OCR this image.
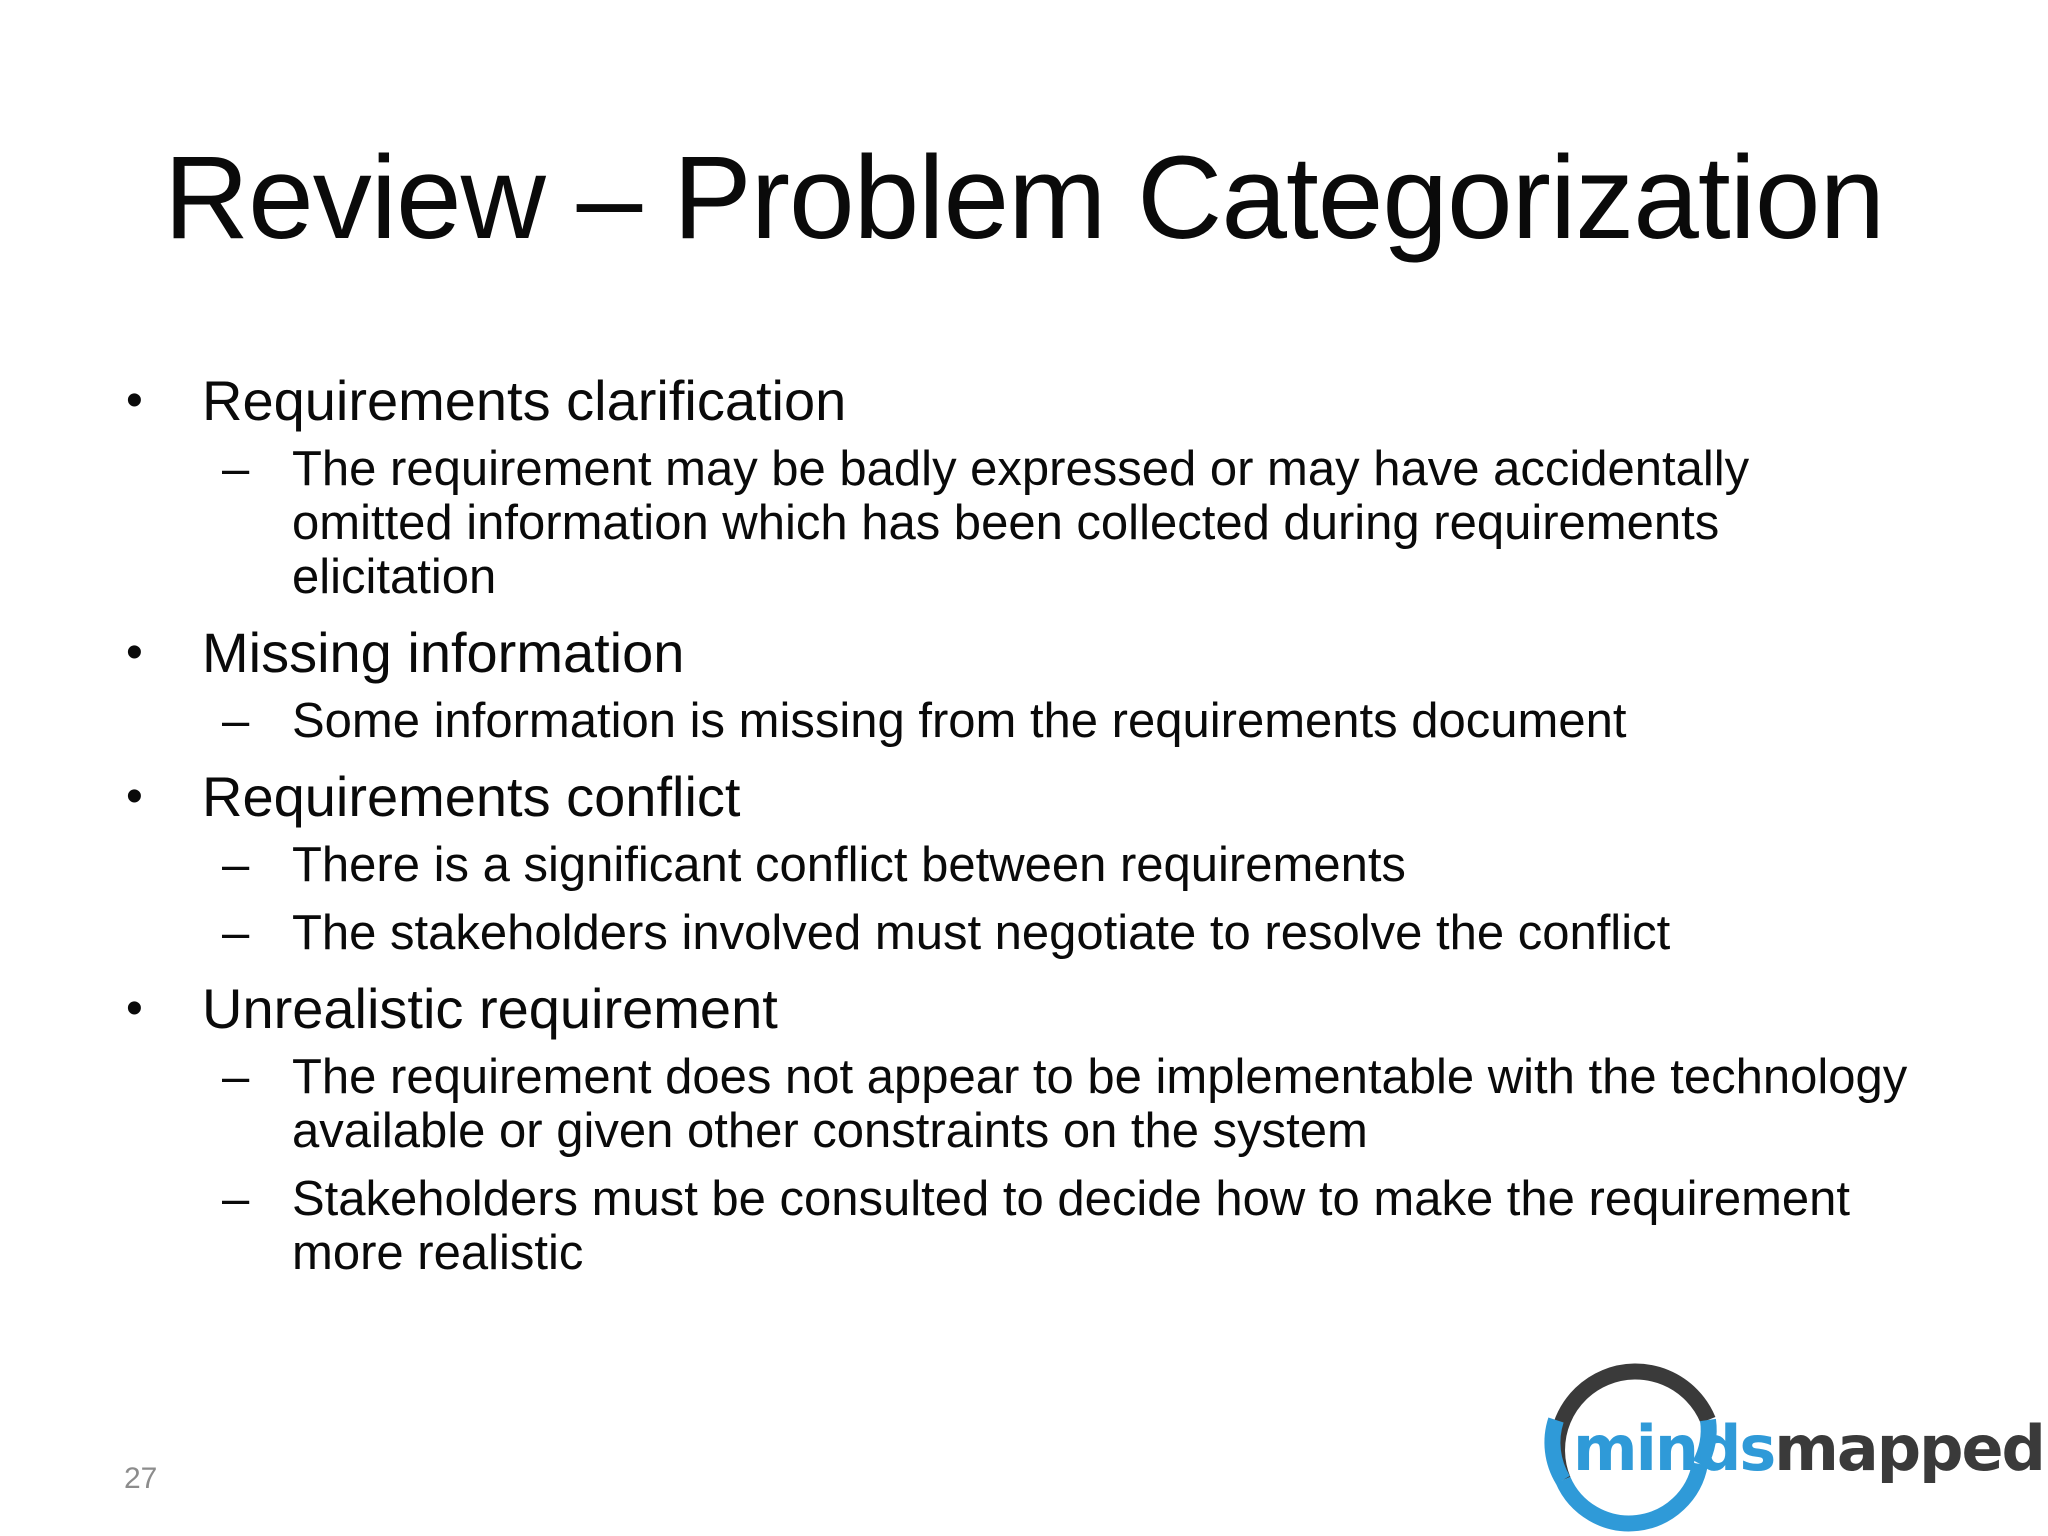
Review – Problem Categorization
• Requirements clarification
– The requirement may be badly expressed or may have accidentally omitted information which has been collected during requirements elicitation
• Missing information
– Some information is missing from the requirements document
• Requirements conflict
– There is a significant conflict between requirements
– The stakeholders involved must negotiate to resolve the conflict
• Unrealistic requirement
– The requirement does not appear to be implementable with the technology available or given other constraints on the system
– Stakeholders must be consulted to decide how to make the requirement more realistic
27	mindsmapped
